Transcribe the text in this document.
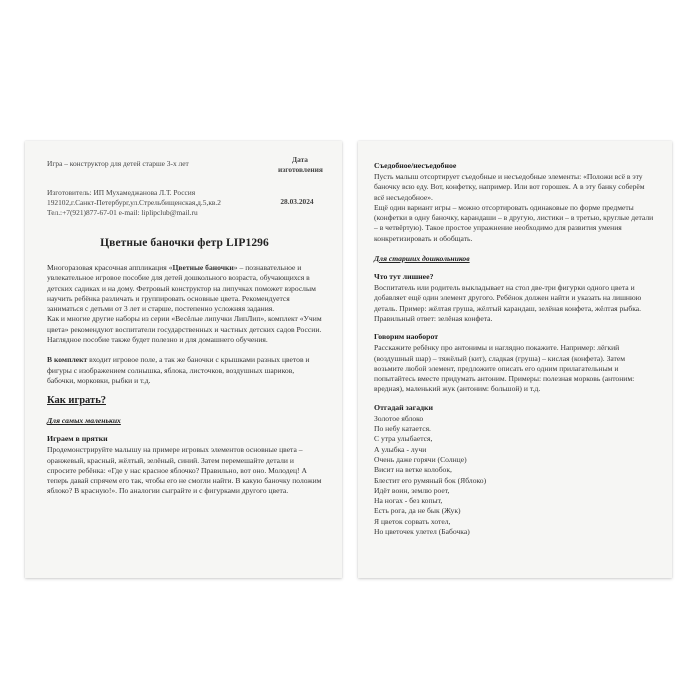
Игра – конструктор для детей старше 3-х лет	Дата
изготовления
Изготовитель: ИП Мухамеджанова Л.Т. Россия
192102,г.Санкт-Петербург,ул.Стрельбищенская,д.5,кв.2
Тел.:+7(921)877-67-01 e-mail: liplipclub@mail.ru
28.03.2024
Цветные баночки фетр LIP1296
Многоразовая красочная аппликация «Цветные баночки» – познавательное и увлекательное игровое пособие для детей дошкольного возраста, обучающихся в детских садиках и на дому. Фетровый конструктор на липучках поможет взрослым научить ребёнка различать и группировать основные цвета. Рекомендуется заниматься с детьми от 3 лет и старше, постепенно усложняя задания.
Как и многие другие наборы из серии «Весёлые липучки ЛипЛип», комплект «Учим цвета» рекомендуют воспитатели государственных и частных детских садов России. Наглядное пособие также будет полезно и для домашнего обучения.
В комплект входит игровое поле, а так же баночки с крышками разных цветов и фигуры с изображением солнышка, яблока, листочков, воздушных шариков, бабочки, морковки, рыбки и т.д.
Как играть?
Для самых маленьких
Играем в прятки
Продемонстрируйте малышу на примере игровых элементов основные цвета – оранжевый, красный, жёлтый, зелёный, синий. Затем перемешайте детали и спросите ребёнка: «Где у нас красное яблочко? Правильно, вот оно. Молодец! А теперь давай спрячем его так, чтобы его не смогли найти. В какую баночку положим яблоко? В красную!». По аналогии сыграйте и с фигурками другого цвета.
Съедобное/несъедобное
Пусть малыш отсортирует съедобные и несъедобные элементы: «Положи всё в эту баночку всю еду. Вот, конфетку, например. Или вот горошек. А в эту банку соберём всё несъедобное».
Ещё один вариант игры – можно отсортировать одинаковые по форме предметы (конфетки в одну баночку, карандаши – в другую, листики – в третью, круглые детали – в четвёртую). Такое простое упражнение необходимо для развития умения конкретизировать и обобщать.
Для старших дошкольников
Что тут лишнее?
Воспитатель или родитель выкладывает на стол две-три фигурки одного цвета и добавляет ещё один элемент другого. Ребёнок должен найти и указать на лишнюю деталь. Пример: жёлтая груша, жёлтый карандаш, зелёная конфета, жёлтая рыбка. Правильный ответ: зелёная конфета.
Говорим наоборот
Расскажите ребёнку про антонимы и наглядно покажите. Например: лёгкий (воздушный шар) – тяжёлый (кит), сладкая (груша) – кислая (конфета). Затем возьмите любой элемент, предложите описать его одним прилагательным и попытайтесь вместе придумать антоним. Примеры: полезная морковь (антоним: вредная), маленький жук (антоним: большой) и т.д.
Отгадай загадки
Золотое яблоко
По небу катается.
С утра улыбается,
А улыбка - лучи
Очень даже горячи (Солнце)
Висит на ветке колобок,
Блестит его румяный бок (Яблоко)
Идёт воин, землю роет,
На ногах - без копыт,
Есть рога, да не бык (Жук)
Я цветок сорвать хотел,
Но цветочек улетел (Бабочка)
